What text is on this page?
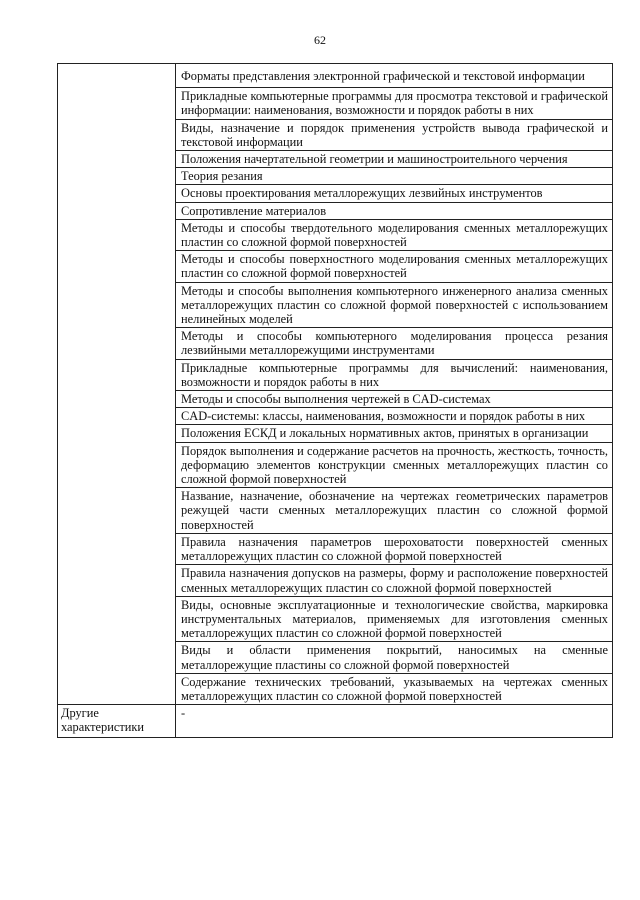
62
	Форматы представления электронной графической и текстовой информации
	Прикладные компьютерные программы для просмотра текстовой и графической информации: наименования, возможности и порядок работы в них
	Виды, назначение и порядок применения устройств вывода графической и текстовой информации
	Положения начертательной геометрии и машиностроительного черчения
	Теория резания
	Основы проектирования металлорежущих лезвийных инструментов
	Сопротивление материалов
	Методы и способы твердотельного моделирования сменных металлорежущих пластин со сложной формой поверхностей
	Методы и способы поверхностного моделирования сменных металлорежущих пластин со сложной формой поверхностей
	Методы и способы выполнения компьютерного инженерного анализа сменных металлорежущих пластин со сложной формой поверхностей с использованием нелинейных моделей
	Методы и способы компьютерного моделирования процесса резания лезвийными металлорежущими инструментами
	Прикладные компьютерные программы для вычислений: наименования, возможности и порядок работы в них
	Методы и способы выполнения чертежей в CAD-системах
	CAD-системы: классы, наименования, возможности и порядок работы в них
	Положения ЕСКД и локальных нормативных актов, принятых в организации
	Порядок выполнения и содержание расчетов на прочность, жесткость, точность, деформацию элементов конструкции сменных металлорежущих пластин со сложной формой поверхностей
	Название, назначение, обозначение на чертежах геометрических параметров режущей части сменных металлорежущих пластин со сложной формой поверхностей
	Правила назначения параметров шероховатости поверхностей сменных металлорежущих пластин со сложной формой поверхностей
	Правила назначения допусков на размеры, форму и расположение поверхностей сменных металлорежущих пластин со сложной формой поверхностей
	Виды, основные эксплуатационные и технологические свойства, маркировка инструментальных материалов, применяемых для изготовления сменных металлорежущих пластин со сложной формой поверхностей
	Виды и области применения покрытий, наносимых на сменные металлорежущие пластины со сложной формой поверхностей
	Содержание технических требований, указываемых на чертежах сменных металлорежущих пластин со сложной формой поверхностей
Другие характеристики	-
